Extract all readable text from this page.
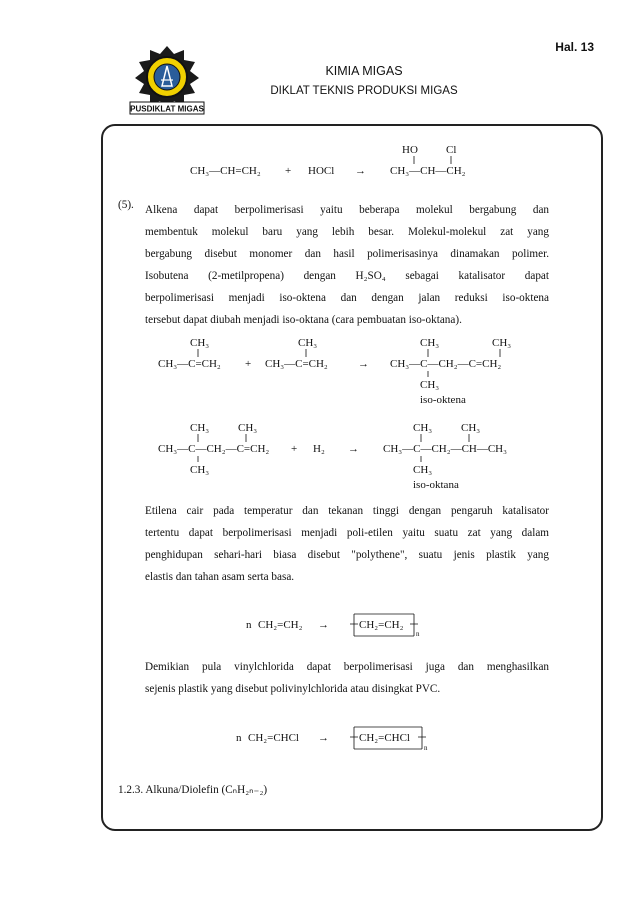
Hal. 13
PUSDIKLAT MIGAS
KIMIA MIGAS
DIKLAT TEKNIS PRODUKSI MIGAS
CH₃—CH=CH₂ + HOCl →
HO	Cl
CH₃—CH—CH₂
(5). Alkena dapat berpolimerisasi yaitu beberapa molekul bergabung dan
membentuk molekul baru yang lebih besar. Molekul-molekul zat yang
bergabung disebut monomer dan hasil polimerisasinya dinamakan polimer.
Isobutena (2-metilpropena) dengan H₂SO₄ sebagai katalisator dapat
berpolimerisasi menjadi iso-oktena dan dengan jalan reduksi iso-oktena
tersebut dapat diubah menjadi iso-oktana (cara pembuatan iso-oktana).
CH₃
CH₃—C=CH₂ +
CH₃
CH₃—C=CH₂	→
CH₃	CH₃
CH₃—C—CH₂—C=CH₂
CH₃
iso-oktena
CH₃	CH₃
CH₃—C—CH₂—C=CH₂
CH₃
+ H₂ →
CH₃	CH₃
CH₃—C—CH₂—CH—CH₃
CH₃
iso-oktana
Etilena cair pada temperatur dan tekanan tinggi dengan pengaruh katalisator
tertentu dapat berpolimerisasi menjadi poli-etilen yaitu suatu zat yang dalam
penghidupan sehari-hari biasa disebut "polythene", suatu jenis plastik yang
elastis dan tahan asam serta basa.
n CH₂=CH₂ →	CH₂=CH₂
n
Demikian pula vinylchlorida dapat berpolimerisasi juga dan menghasilkan
sejenis plastik yang disebut polivinylchlorida atau disingkat PVC.
n CH₂=CHCl →	CH₂=CHCl
n
1.2.3. Alkuna/Diolefin (CₙH₂ₙ₋₂)
